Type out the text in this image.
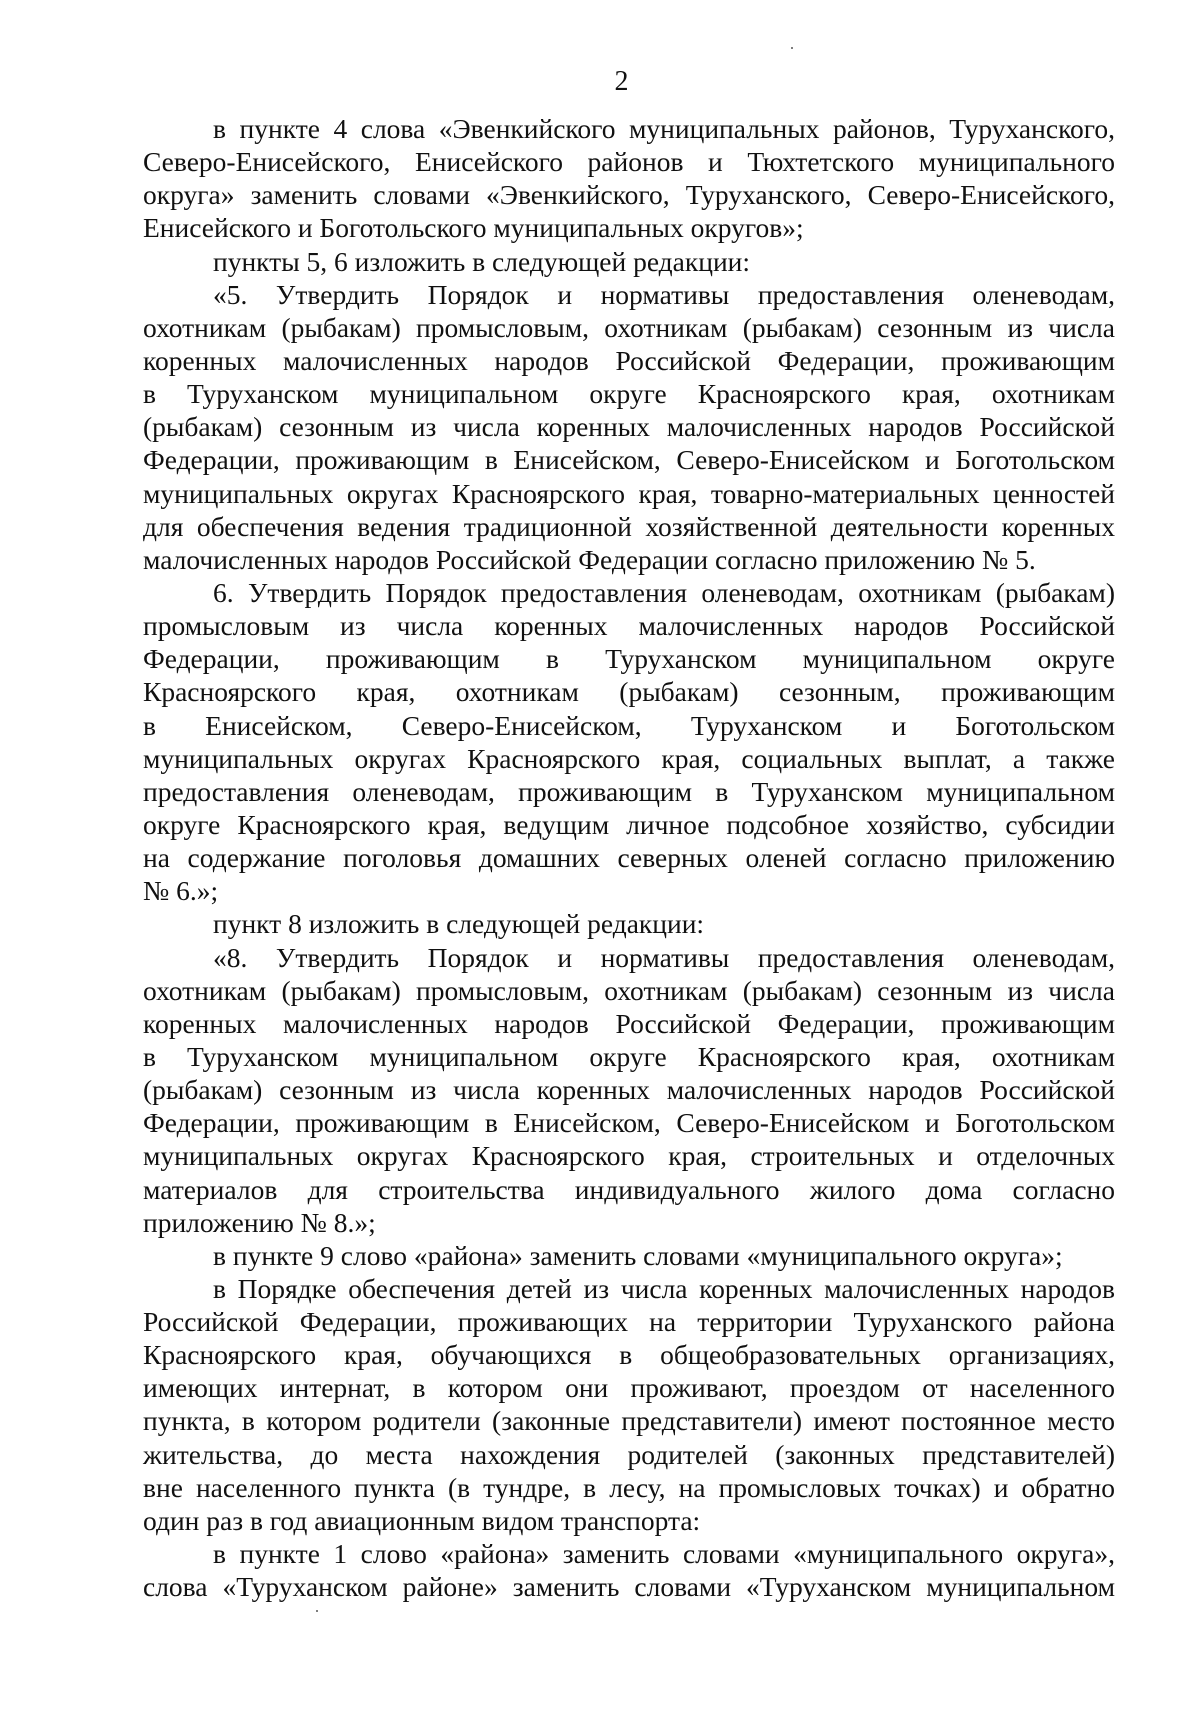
2
в пункте 4 слова «Эвенкийского муниципальных районов, Туруханского,
Северо-Енисейского, Енисейского районов и Тюхтетского муниципального
округа» заменить словами «Эвенкийского, Туруханского, Северо-Енисейского,
Енисейского и Боготольского муниципальных округов»;
пункты 5, 6 изложить в следующей редакции:
«5. Утвердить Порядок и нормативы предоставления оленеводам,
охотникам (рыбакам) промысловым, охотникам (рыбакам) сезонным из числа
коренных малочисленных народов Российской Федерации, проживающим
в Туруханском муниципальном округе Красноярского края, охотникам
(рыбакам) сезонным из числа коренных малочисленных народов Российской
Федерации, проживающим в Енисейском, Северо-Енисейском и Боготольском
муниципальных округах Красноярского края, товарно-материальных ценностей
для обеспечения ведения традиционной хозяйственной деятельности коренных
малочисленных народов Российской Федерации согласно приложению № 5.
6. Утвердить Порядок предоставления оленеводам, охотникам (рыбакам)
промысловым из числа коренных малочисленных народов Российской
Федерации, проживающим в Туруханском муниципальном округе
Красноярского края, охотникам (рыбакам) сезонным, проживающим
в Енисейском, Северо-Енисейском, Туруханском и Боготольском
муниципальных округах Красноярского края, социальных выплат, а также
предоставления оленеводам, проживающим в Туруханском муниципальном
округе Красноярского края, ведущим личное подсобное хозяйство, субсидии
на содержание поголовья домашних северных оленей согласно приложению
№ 6.»;
пункт 8 изложить в следующей редакции:
«8. Утвердить Порядок и нормативы предоставления оленеводам,
охотникам (рыбакам) промысловым, охотникам (рыбакам) сезонным из числа
коренных малочисленных народов Российской Федерации, проживающим
в Туруханском муниципальном округе Красноярского края, охотникам
(рыбакам) сезонным из числа коренных малочисленных народов Российской
Федерации, проживающим в Енисейском, Северо-Енисейском и Боготольском
муниципальных округах Красноярского края, строительных и отделочных
материалов для строительства индивидуального жилого дома согласно
приложению № 8.»;
в пункте 9 слово «района» заменить словами «муниципального округа»;
в Порядке обеспечения детей из числа коренных малочисленных народов
Российской Федерации, проживающих на территории Туруханского района
Красноярского края, обучающихся в общеобразовательных организациях,
имеющих интернат, в котором они проживают, проездом от населенного
пункта, в котором родители (законные представители) имеют постоянное место
жительства, до места нахождения родителей (законных представителей)
вне населенного пункта (в тундре, в лесу, на промысловых точках) и обратно
один раз в год авиационным видом транспорта:
в пункте 1 слово «района» заменить словами «муниципального округа»,
слова «Туруханском районе» заменить словами «Туруханском муниципальном
